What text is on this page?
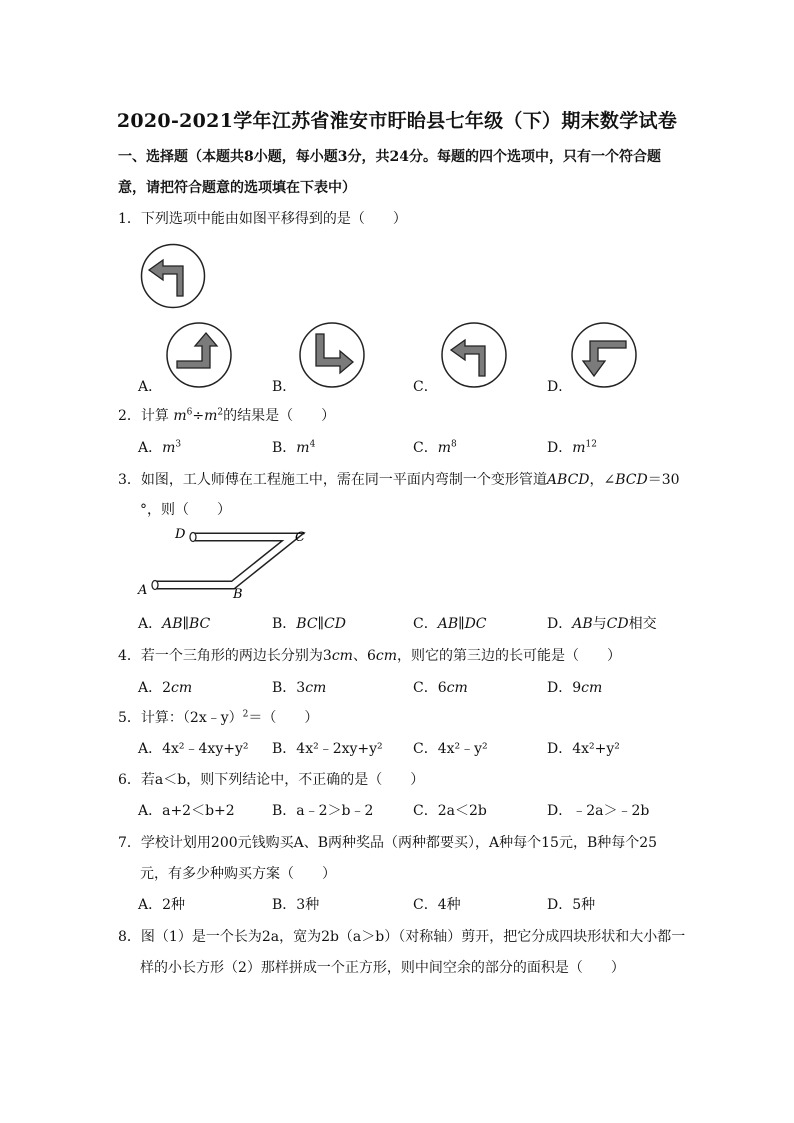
2020-2021学年江苏省淮安市盱眙县七年级（下）期末数学试卷
一、选择题（本题共8小题，每小题3分，共24分。每题的四个选项中，只有一个符合题
意，请把符合题意的选项填在下表中）
1．下列选项中能由如图平移得到的是（　　）
A．	B．	C．	D．
2．计算 $m^6\div m^2$的结果是（　　）
A．$m^3$	B．$m^4$	C．$m^8$	D．$m^{12}$
3．如图，工人师傅在工程施工中，需在同一平面内弯制一个变形管道ABCD，∠BCD＝30
°，则（　　）
D	C
A	B
A．AB∥BC	B．BC∥CD	C．AB∥DC	D．AB与CD相交
4．若一个三角形的两边长分别为3cm、6cm，则它的第三边的长可能是（　　）
A．2cm	B．3cm	C．6cm	D．9cm
5．计算：（2x﹣y）$^2$＝（　　）
A．4x²﹣4xy+y² B．4x²﹣2xy+y² C．4x²﹣y²	D．4x²+y²
6．若a＜b，则下列结论中，不正确的是（　　）
A．a+2＜b+2	B．a﹣2＞b﹣2	C．2a＜2b	D．﹣2a＞﹣2b
7．学校计划用200元钱购买A、B两种奖品（两种都要买），A种每个15元，B种每个25
元，有多少种购买方案（　　）
A．2种	B．3种	C．4种	D．5种
8．图（1）是一个长为2a，宽为2b（a＞b）（对称轴）剪开，把它分成四块形状和大小都一
样的小长方形（2）那样拼成一个正方形，则中间空余的部分的面积是（　　）
